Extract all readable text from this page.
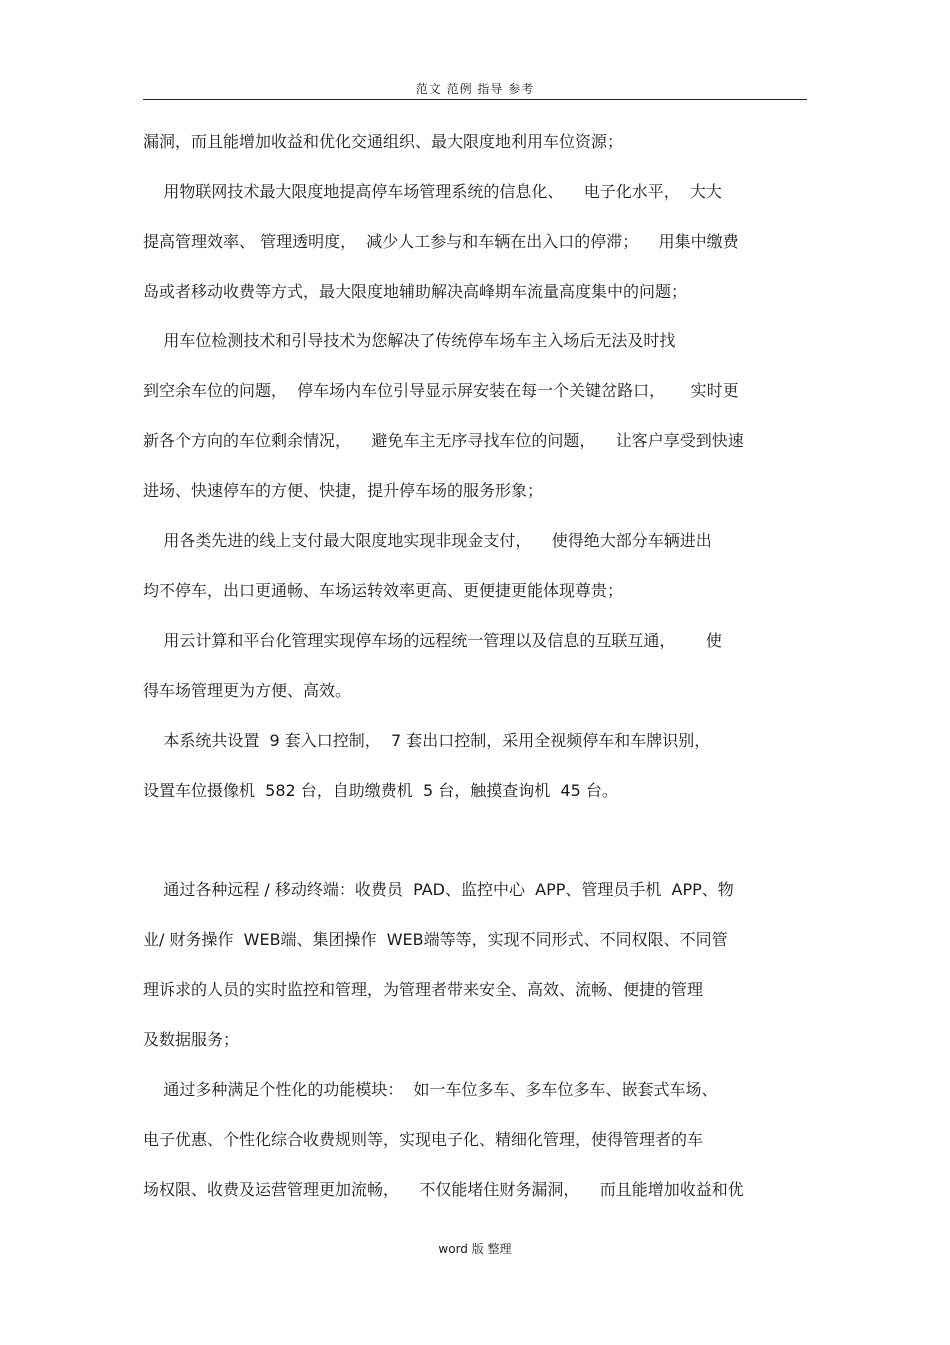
范文 范例 指导 参考
漏洞，而且能增加收益和优化交通组织、最大限度地利用车位资源；
用物联网技术最大限度地提高停车场管理系统的信息化、    电子化水平，  大大
提高管理效率、 管理透明度，  减少人工参与和车辆在出入口的停滞；    用集中缴费
岛或者移动收费等方式，最大限度地辅助解决高峰期车流量高度集中的问题；
用车位检测技术和引导技术为您解决了传统停车场车主入场后无法及时找
到空余车位的问题，  停车场内车位引导显示屏安装在每一个关键岔路口，     实时更
新各个方向的车位剩余情况，    避免车主无序寻找车位的问题，    让客户享受到快速
进场、快速停车的方便、快捷，提升停车场的服务形象；
用各类先进的线上支付最大限度地实现非现金支付，    使得绝大部分车辆进出
均不停车，出口更通畅、车场运转效率更高、更便捷更能体现尊贵；
用云计算和平台化管理实现停车场的远程统一管理以及信息的互联互通，      使
得车场管理更为方便、高效。
本系统共设置  9 套入口控制，  7 套出口控制，采用全视频停车和车牌识别，
设置车位摄像机  582 台，自助缴费机  5 台，触摸查询机  45 台。
通过各种远程 / 移动终端：收费员  PAD、监控中心  APP、管理员手机  APP、物
业/ 财务操作  WEB端、集团操作  WEB端等等，实现不同形式、不同权限、不同管
理诉求的人员的实时监控和管理，为管理者带来安全、高效、流畅、便捷的管理
及数据服务；
通过多种满足个性化的功能模块：  如一车位多车、多车位多车、嵌套式车场、
电子优惠、个性化综合收费规则等，实现电子化、精细化管理，使得管理者的车
场权限、收费及运营管理更加流畅，    不仅能堵住财务漏洞，    而且能增加收益和优
word 版 整理
